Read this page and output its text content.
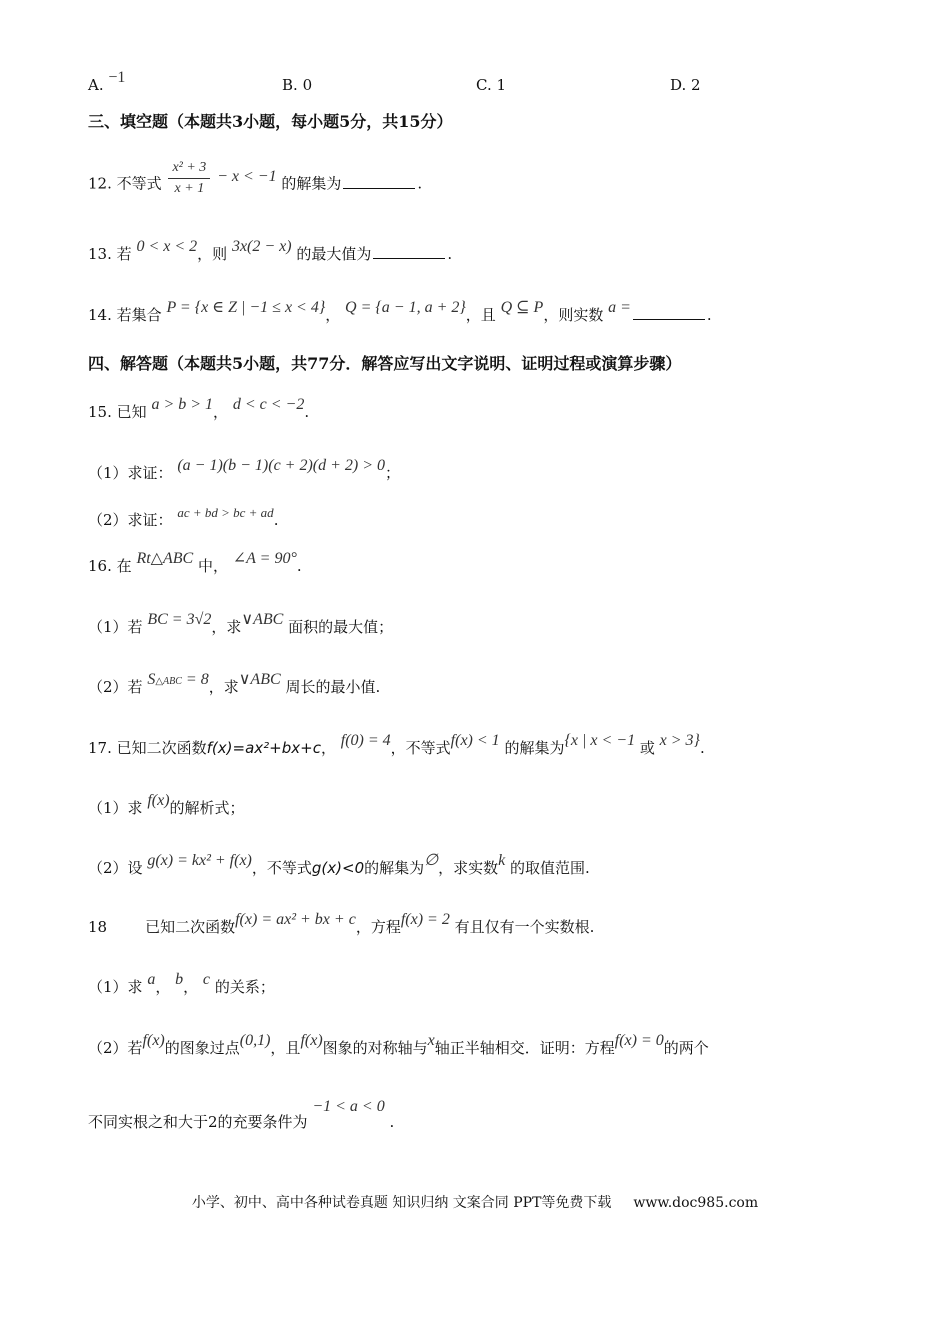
A. −1	B. 0	C. 1	D. 2
三、填空题（本题共3小题，每小题5分，共15分）
12. 不等式 $\frac{\text{x² + 3}}{x + 1} - x < -1$ 的解集为	.
13. 若 0 < x < 2，则 3x(2 − x) 的最大值为	.
14. 若集合 P = {x ∈ Z | −1 ≤ x < 4}， Q = {a − 1, a + 2}，且 Q ⊆ P，则实数 a =	.
四、解答题（本题共5小题，共77分．解答应写出文字说明、证明过程或演算步骤）
15. 已知 a > b > 1， d < c < −2.
（1）求证： (a − 1)(b − 1)(c + 2)(d + 2) > 0；
（2）求证： ac + bd > bc + ad.
16. 在 Rt△ABC 中， ∠A = 90°.
（1）若 BC = 3√2，求∨ABC 面积的最大值；
（2）若 S△ABC = 8，求∨ABC 周长的最小值.
17. 已知二次函数f(x)=ax²+bx+c， f(0) = 4，不等式f(x) < 1 的解集为{x | x < −1 或 x > 3}.
（1）求 f(x)的解析式；
（2）设 g(x) = kx² + f(x)，不等式g(x)<0的解集为∅，求实数k 的取值范围.
18	已知二次函数f(x) = ax² + bx + c，方程f(x) = 2 有且仅有一个实数根.
（1）求 a， b， c 的关系；
（2）若f(x)的图象过点(0,1)，且f(x)图象的对称轴与x轴正半轴相交．证明：方程f(x) = 0的两个
不同实根之和大于2的充要条件为 −1 < a < 0 .
小学、初中、高中各种试卷真题 知识归纳 文案合同 PPT等免费下载 www.doc985.com
